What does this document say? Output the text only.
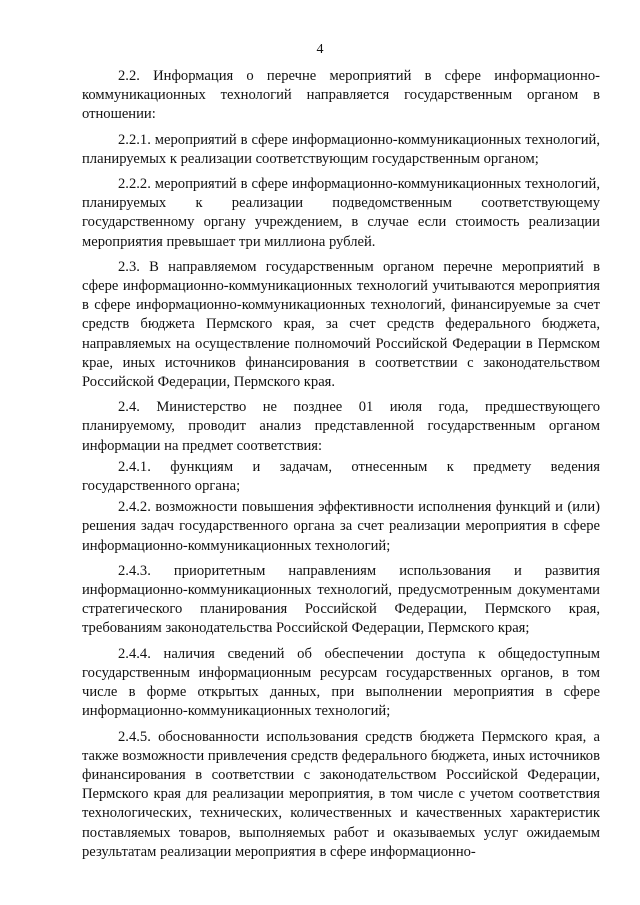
4

2.2. Информация о перечне мероприятий в сфере информационно-коммуникационных технологий направляется государственным органом в отношении:

2.2.1. мероприятий в сфере информационно-коммуникационных технологий, планируемых к реализации соответствующим государственным органом;

2.2.2. мероприятий в сфере информационно-коммуникационных технологий, планируемых к реализации подведомственным соответствующему государственному органу учреждением, в случае если стоимость реализации мероприятия превышает три миллиона рублей.

2.3. В направляемом государственным органом перечне мероприятий в сфере информационно-коммуникационных технологий учитываются мероприятия в сфере информационно-коммуникационных технологий, финансируемые за счет средств бюджета Пермского края, за счет средств федерального бюджета, направляемых на осуществление полномочий Российской Федерации в Пермском крае, иных источников финансирования в соответствии с законодательством Российской Федерации, Пермского края.

2.4. Министерство не позднее 01 июля года, предшествующего планируемому, проводит анализ представленной государственным органом информации на предмет соответствия:

2.4.1. функциям и задачам, отнесенным к предмету ведения государственного органа;

2.4.2. возможности повышения эффективности исполнения функций и (или) решения задач государственного органа за счет реализации мероприятия в сфере информационно-коммуникационных технологий;

2.4.3. приоритетным направлениям использования и развития информационно-коммуникационных технологий, предусмотренным документами стратегического планирования Российской Федерации, Пермского края, требованиям законодательства Российской Федерации, Пермского края;

2.4.4. наличия сведений об обеспечении доступа к общедоступным государственным информационным ресурсам государственных органов, в том числе в форме открытых данных, при выполнении мероприятия в сфере информационно-коммуникационных технологий;

2.4.5. обоснованности использования средств бюджета Пермского края, а также возможности привлечения средств федерального бюджета, иных источников финансирования в соответствии с законодательством Российской Федерации, Пермского края для реализации мероприятия, в том числе с учетом соответствия технологических, технических, количественных и качественных характеристик поставляемых товаров, выполняемых работ и оказываемых услуг ожидаемым результатам реализации мероприятия в сфере информационно-
